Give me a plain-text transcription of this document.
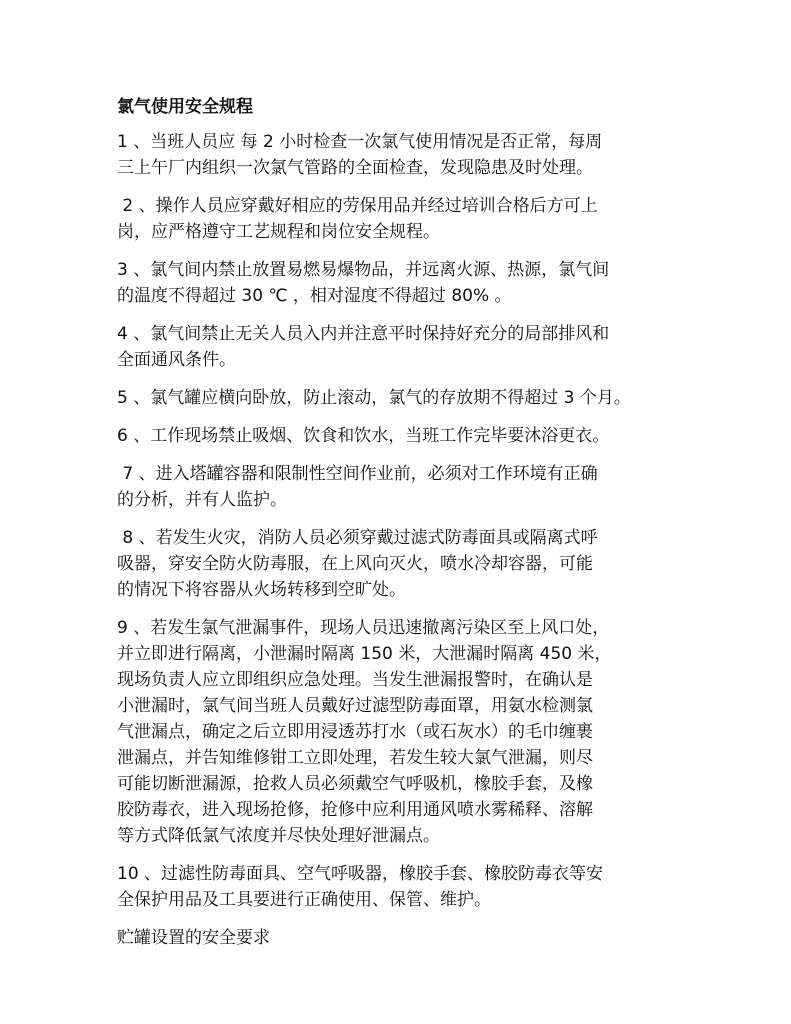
氯气使用安全规程
1 、当班人员应 每 2 小时检查一次氯气使用情况是否正常，每周
三上午厂内组织一次氯气管路的全面检查，发现隐患及时处理。
2 、操作人员应穿戴好相应的劳保用品并经过培训合格后方可上
岗，应严格遵守工艺规程和岗位安全规程。
3 、氯气间内禁止放置易燃易爆物品，并远离火源、热源，氯气间
的温度不得超过 30 ℃ ，相对湿度不得超过 80% 。
4 、氯气间禁止无关人员入内并注意平时保持好充分的局部排风和
全面通风条件。
5 、氯气罐应横向卧放，防止滚动，氯气的存放期不得超过 3 个月。
6 、工作现场禁止吸烟、饮食和饮水，当班工作完毕要沐浴更衣。
7 、进入塔罐容器和限制性空间作业前，必须对工作环境有正确
的分析，并有人监护。
8 、若发生火灾，消防人员必须穿戴过滤式防毒面具或隔离式呼
吸器，穿安全防火防毒服，在上风向灭火，喷水冷却容器，可能
的情况下将容器从火场转移到空旷处。
9 、若发生氯气泄漏事件，现场人员迅速撤离污染区至上风口处，
并立即进行隔离，小泄漏时隔离 150 米，大泄漏时隔离 450 米，
现场负责人应立即组织应急处理。当发生泄漏报警时，在确认是
小泄漏时，氯气间当班人员戴好过滤型防毒面罩，用氨水检测氯
气泄漏点，确定之后立即用浸透苏打水（或石灰水）的毛巾缠裹
泄漏点，并告知维修钳工立即处理，若发生较大氯气泄漏，则尽
可能切断泄漏源，抢救人员必须戴空气呼吸机，橡胶手套，及橡
胶防毒衣，进入现场抢修，抢修中应利用通风喷水雾稀释、溶解
等方式降低氯气浓度并尽快处理好泄漏点。
10 、过滤性防毒面具、空气呼吸器，橡胶手套、橡胶防毒衣等安
全保护用品及工具要进行正确使用、保管、维护。
贮罐设置的安全要求
